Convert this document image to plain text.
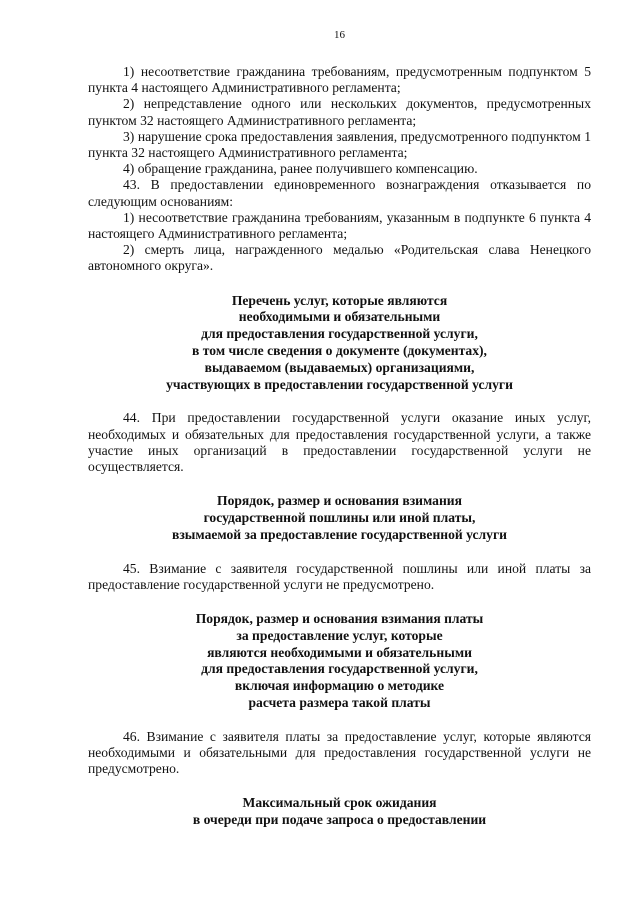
16

1) несоответствие гражданина требованиям, предусмотренным подпунктом 5 пункта 4 настоящего Административного регламента;

2) непредставление одного или нескольких документов, предусмотренных пунктом 32 настоящего Административного регламента;

3) нарушение срока предоставления заявления, предусмотренного подпунктом 1 пункта 32 настоящего Административного регламента;

4) обращение гражданина, ранее получившего компенсацию.

43. В предоставлении единовременного вознаграждения отказывается по следующим основаниям:

1) несоответствие гражданина требованиям, указанным в подпункте 6 пункта 4 настоящего Административного регламента;

2) смерть лица, награжденного медалью «Родительская слава Ненецкого автономного округа».

Перечень услуг, которые являются
необходимыми и обязательными
для предоставления государственной услуги,
в том числе сведения о документе (документах),
выдаваемом (выдаваемых) организациями,
участвующих в предоставлении государственной услуги

44. При предоставлении государственной услуги оказание иных услуг, необходимых и обязательных для предоставления государственной услуги, а также участие иных организаций в предоставлении государственной услуги не осуществляется.

Порядок, размер и основания взимания
государственной пошлины или иной платы,
взымаемой за предоставление государственной услуги

45. Взимание с заявителя государственной пошлины или иной платы за предоставление государственной услуги не предусмотрено.

Порядок, размер и основания взимания платы
за предоставление услуг, которые
являются необходимыми и обязательными
для предоставления государственной услуги,
включая информацию о методике
расчета размера такой платы

46. Взимание с заявителя платы за предоставление услуг, которые являются необходимыми и обязательными для предоставления государственной услуги не предусмотрено.

Максимальный срок ожидания
в очереди при подаче запроса о предоставлении
